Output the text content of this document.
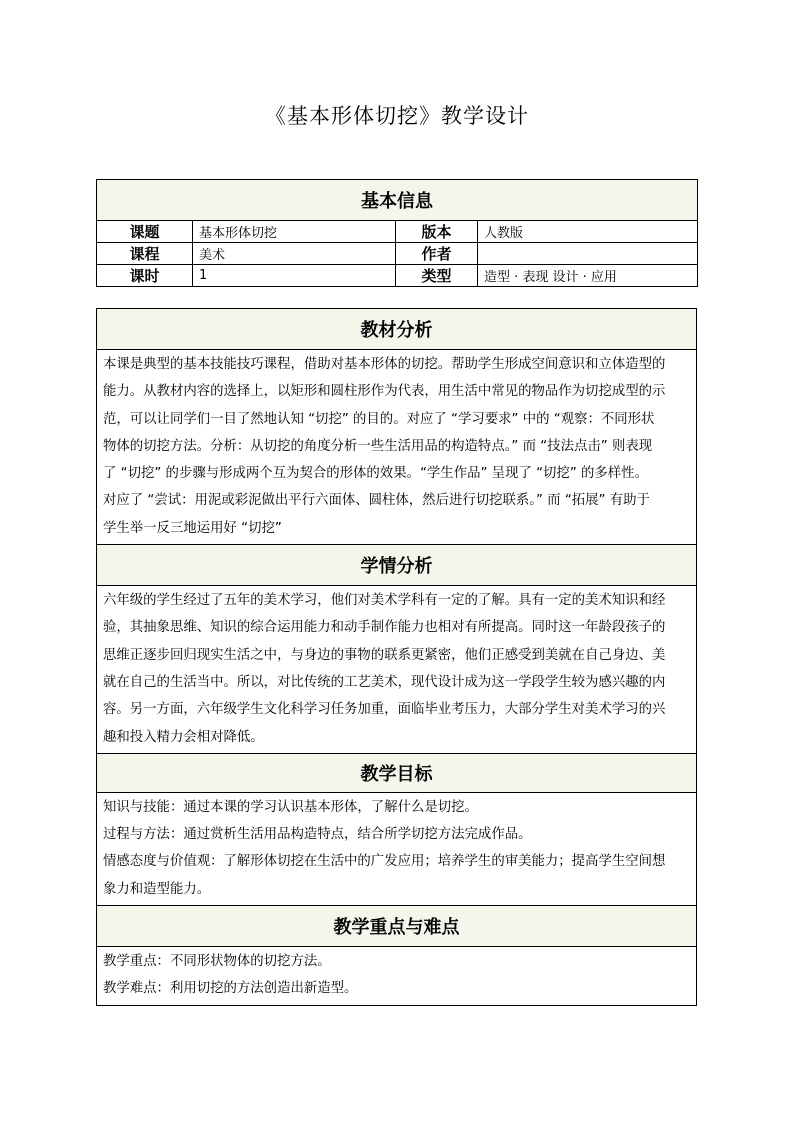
《基本形体切挖》教学设计
基本信息			
课题	基本形体切挖	版本	人教版
课程	美术	作者	
课时	1	类型	造型 · 表现 设计 · 应用
教材分析

本课是典型的基本技能技巧课程，借助对基本形体的切挖。帮助学生形成空间意识和立体造型的
能力。从教材内容的选择上，以矩形和圆柱形作为代表，用生活中常见的物品作为切挖成型的示
范，可以让同学们一目了然地认知 “切挖” 的目的。对应了 “学习要求” 中的 “观察：不同形状
物体的切挖方法。分析：从切挖的角度分析一些生活用品的构造特点。” 而 “技法点击” 则表现
了 “切挖” 的步骤与形成两个互为契合的形体的效果。“学生作品” 呈现了 “切挖” 的多样性。
对应了 “尝试：用泥或彩泥做出平行六面体、圆柱体，然后进行切挖联系。” 而 “拓展” 有助于
学生举一反三地运用好 “切挖”

学情分析

六年级的学生经过了五年的美术学习，他们对美术学科有一定的了解。具有一定的美术知识和经
验，其抽象思维、知识的综合运用能力和动手制作能力也相对有所提高。同时这一年龄段孩子的
思维正逐步回归现实生活之中，与身边的事物的联系更紧密，他们正感受到美就在自己身边、美
就在自己的生活当中。所以，对比传统的工艺美术，现代设计成为这一学段学生较为感兴趣的内
容。另一方面，六年级学生文化科学习任务加重，面临毕业考压力，大部分学生对美术学习的兴
趣和投入精力会相对降低。

教学目标

知识与技能：通过本课的学习认识基本形体，了解什么是切挖。
过程与方法：通过赏析生活用品构造特点，结合所学切挖方法完成作品。
情感态度与价值观：了解形体切挖在生活中的广发应用；培养学生的审美能力；提高学生空间想
象力和造型能力。

教学重点与难点

教学重点：不同形状物体的切挖方法。
教学难点：利用切挖的方法创造出新造型。
